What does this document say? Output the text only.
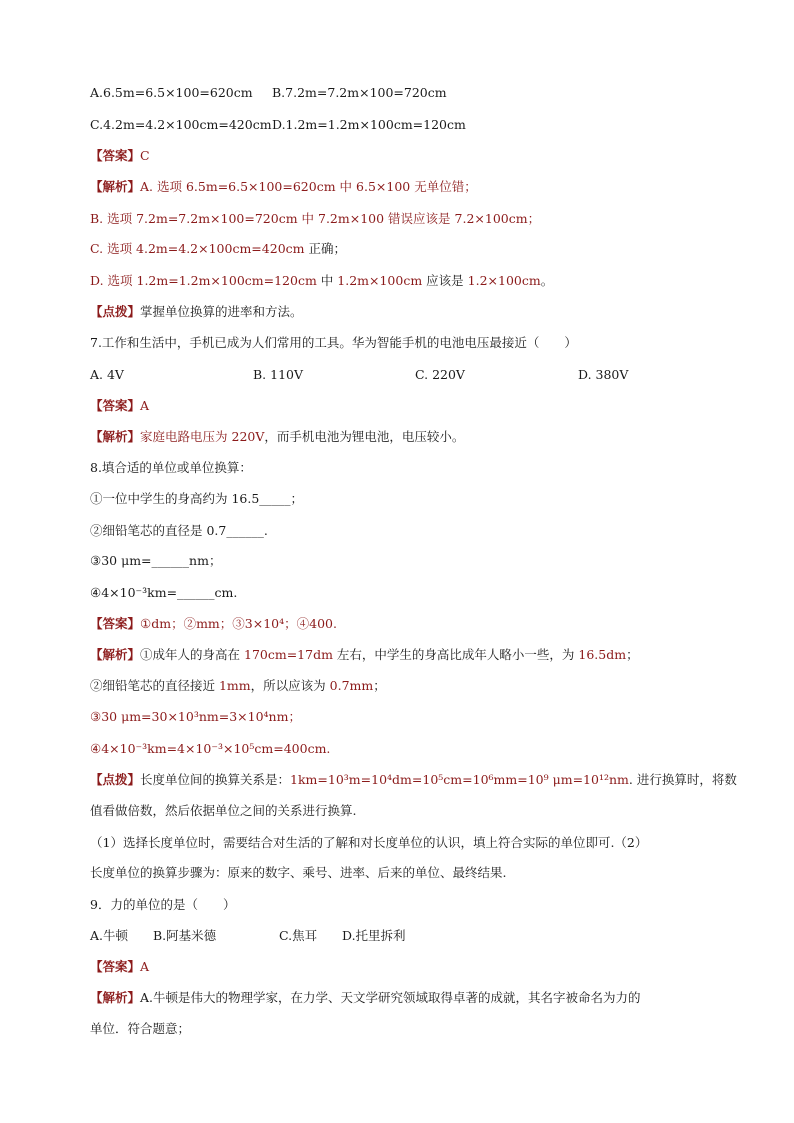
A.6.5m=6.5×100=620cm B.7.2m=7.2m×100=720cm
C.4.2m=4.2×100cm=420cmD.1.2m=1.2m×100cm=120cm
【答案】C
【解析】A. 选项 6.5m=6.5×100=620cm 中 6.5×100 无单位错；
B. 选项 7.2m=7.2m×100=720cm 中 7.2m×100 错误应该是 7.2×100cm；
C. 选项 4.2m=4.2×100cm=420cm 正确；
D. 选项 1.2m=1.2m×100cm=120cm 中 1.2m×100cm 应该是 1.2×100cm。
【点拨】掌握单位换算的进率和方法。
7.工作和生活中，手机已成为人们常用的工具。华为智能手机的电池电压最接近（　　）
A. 4V	B. 110V	C. 220V	D. 380V
【答案】A
【解析】家庭电路电压为 220V，而手机电池为锂电池，电压较小。
8.填合适的单位或单位换算：
①一位中学生的身高约为 16.5_____；
②细铅笔芯的直径是 0.7______.
③30 μm=______nm；
④4×10⁻³km=______cm.
【答案】①dm；②mm；③3×10⁴；④400.
【解析】①成年人的身高在 170cm=17dm 左右，中学生的身高比成年人略小一些，为 16.5dm；
②细铅笔芯的直径接近 1mm，所以应该为 0.7mm；
③30 μm=30×10³nm=3×10⁴nm；
④4×10⁻³km=4×10⁻³×10⁵cm=400cm.
【点拨】长度单位间的换算关系是：1km=10³m=10⁴dm=10⁵cm=10⁶mm=10⁹ μm=10¹²nm. 进行换算时，将数
值看做倍数，然后依据单位之间的关系进行换算.
（1）选择长度单位时，需要结合对生活的了解和对长度单位的认识，填上符合实际的单位即可.（2）
长度单位的换算步骤为：原来的数字、乘号、进率、后来的单位、最终结果.
9．力的单位的是（　　）
A.牛顿 B.阿基米德	C.焦耳 D.托里拆利
【答案】A
【解析】A.牛顿是伟大的物理学家，在力学、天文学研究领域取得卓著的成就，其名字被命名为力的
单位．符合题意；
